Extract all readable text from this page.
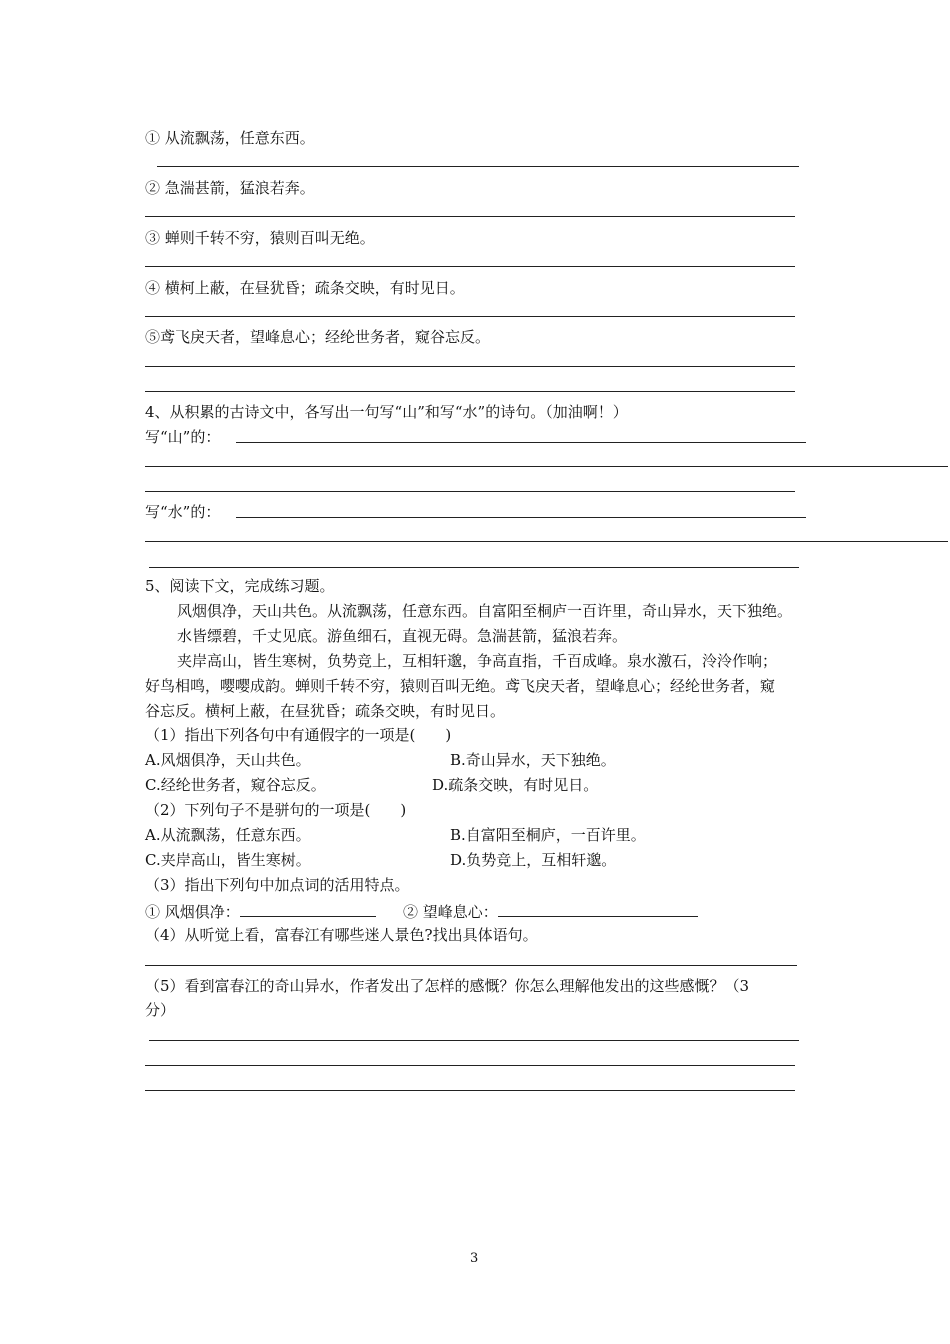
① 从流飘荡，任意东西。
② 急湍甚箭，猛浪若奔。
③ 蝉则千转不穷，猿则百叫无绝。
④ 横柯上蔽，在昼犹昏；疏条交映，有时见日。
⑤鸢飞戾天者，望峰息心；经纶世务者，窥谷忘反。
4、从积累的古诗文中，各写出一句写“山”和写“水”的诗句。（加油啊！）
写“山”的：
写“水”的：
5、阅读下文，完成练习题。
风烟俱净，天山共色。从流飘荡，任意东西。自富阳至桐庐一百许里，奇山异水，天下独绝。
水皆缥碧，千丈见底。游鱼细石，直视无碍。急湍甚箭，猛浪若奔。
夹岸高山，皆生寒树，负势竞上，互相轩邈，争高直指，千百成峰。泉水激石，泠泠作响；
好鸟相鸣，嘤嘤成韵。蝉则千转不穷，猿则百叫无绝。鸢飞戾天者，望峰息心；经纶世务者，窥
谷忘反。横柯上蔽，在昼犹昏；疏条交映，有时见日。
（1）指出下列各句中有通假字的一项是(　　)
A.风烟俱净，天山共色。	B.奇山异水，天下独绝。
C.经纶世务者，窥谷忘反。	D.疏条交映，有时见日。
（2）下列句子不是骈句的一项是(　　)
A.从流飘荡，任意东西。	B.自富阳至桐庐，一百许里。
C.夹岸高山，皆生寒树。	D.负势竞上，互相轩邈。
（3）指出下列句中加点词的活用特点。
① 风烟俱净：	② 望峰息心：
（4）从听觉上看，富春江有哪些迷人景色?找出具体语句。
（5）看到富春江的奇山异水，作者发出了怎样的感慨？你怎么理解他发出的这些感慨？（3
分）
3
